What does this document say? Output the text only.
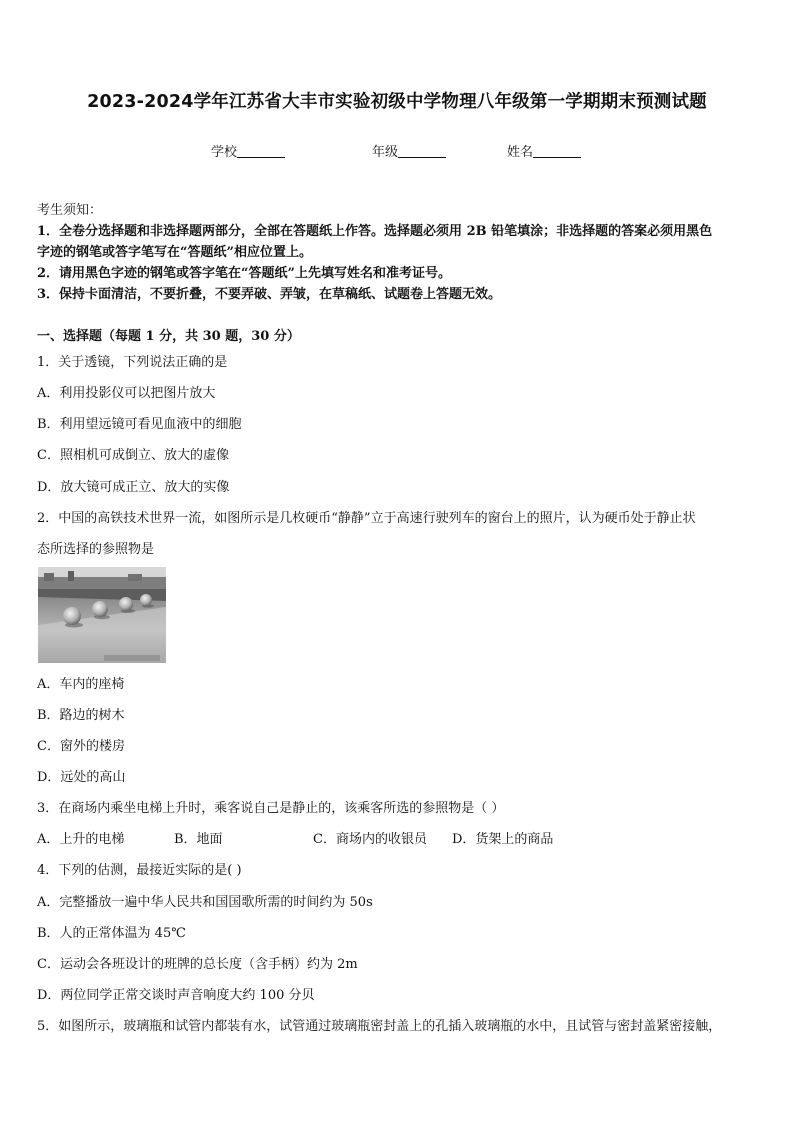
2023-2024学年江苏省大丰市实验初级中学物理八年级第一学期期末预测试题
学校	年级	姓名
考生须知：
1．全卷分选择题和非选择题两部分，全部在答题纸上作答。选择题必须用 2B 铅笔填涂；非选择题的答案必须用黑色
字迹的钢笔或答字笔写在“答题纸”相应位置上。
2．请用黑色字迹的钢笔或答字笔在“答题纸”上先填写姓名和准考证号。
3．保持卡面清洁，不要折叠，不要弄破、弄皱，在草稿纸、试题卷上答题无效。
一、选择题（每题 1 分，共 30 题，30 分）
1．关于透镜，下列说法正确的是
A．利用投影仪可以把图片放大
B．利用望远镜可看见血液中的细胞
C．照相机可成倒立、放大的虚像
D．放大镜可成正立、放大的实像
2．中国的高铁技术世界一流，如图所示是几枚硬币“静静”立于高速行驶列车的窗台上的照片，认为硬币处于静止状
态所选择的参照物是
A．车内的座椅
B．路边的树木
C．窗外的楼房
D．远处的高山
3．在商场内乘坐电梯上升时，乘客说自己是静止的，该乘客所选的参照物是（ ）
A．上升的电梯	B．地面	C．商场内的收银员 D．货架上的商品
4．下列的估测，最接近实际的是( )
A．完整播放一遍中华人民共和国国歌所需的时间约为 50s
B．人的正常体温为 45℃
C．运动会各班设计的班牌的总长度（含手柄）约为 2m
D．两位同学正常交谈时声音响度大约 100 分贝
5．如图所示，玻璃瓶和试管内都装有水，试管通过玻璃瓶密封盖上的孔插入玻璃瓶的水中，且试管与密封盖紧密接触，
